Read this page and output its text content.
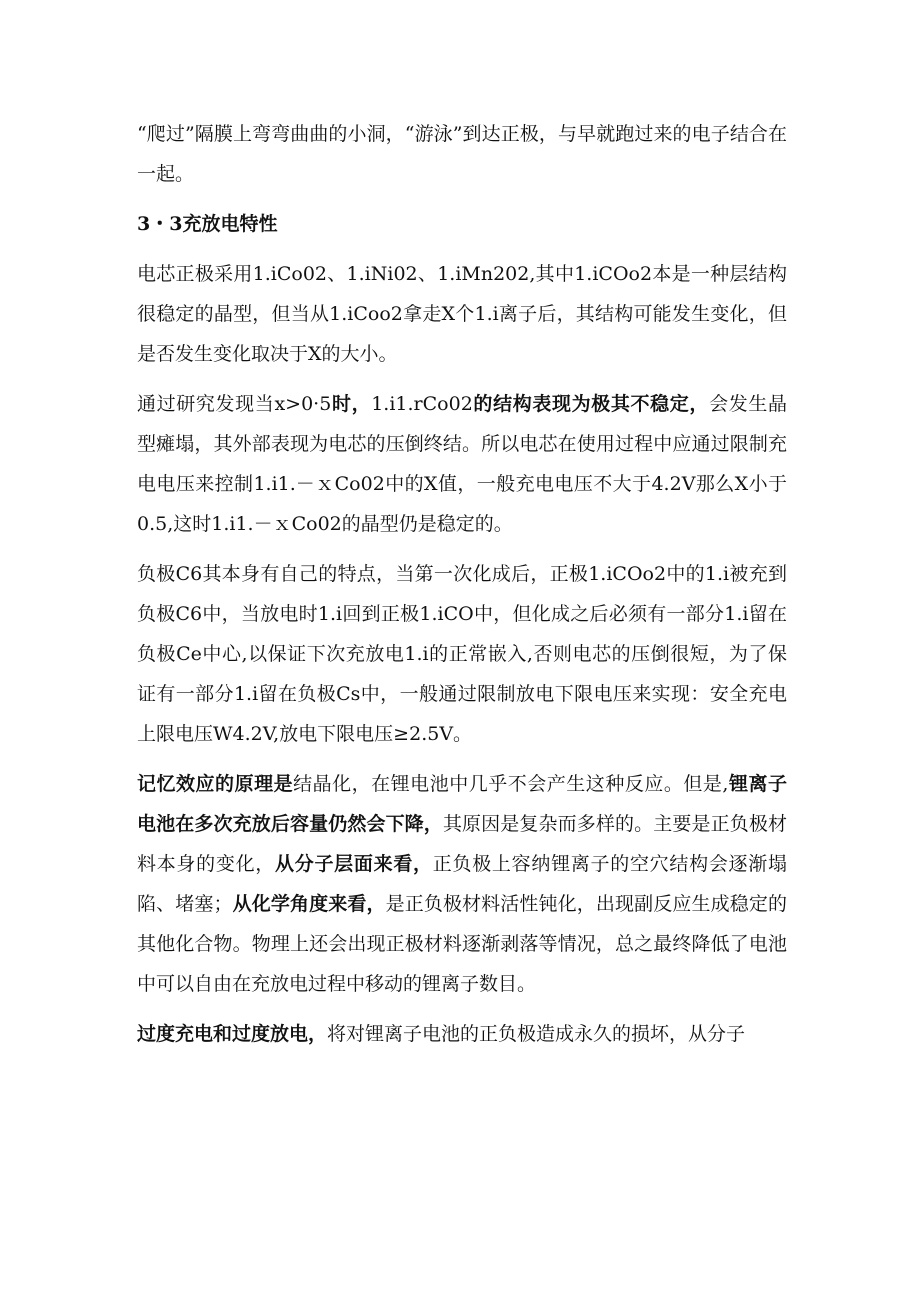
“爬过”隔膜上弯弯曲曲的小洞，“游泳”到达正极，与早就跑过来的电子结合在一起。

3・3充放电特性

电芯正极采用1.iCo02、1.iNi02、1.iMn202,其中1.iCOo2本是一种层结构很稳定的晶型，但当从1.iCoo2拿走X个1.i离子后，其结构可能发生变化，但是否发生变化取决于X的大小。

通过研究发现当x>0·5时，1.i1.rCo02的结构表现为极其不稳定，会发生晶型瘫塌，其外部表现为电芯的压倒终结。所以电芯在使用过程中应通过限制充电电压来控制1.i1.－ｘCo02中的X值，一般充电电压不大于4.2V那么X小于0.5,这时1.i1.－ｘCo02的晶型仍是稳定的。

负极C6其本身有自己的特点，当第一次化成后，正极1.iCOo2中的1.i被充到负极C6中，当放电时1.i回到正极1.iCO中，但化成之后必须有一部分1.i留在负极Ce中心,以保证下次充放电1.i的正常嵌入,否则电芯的压倒很短，为了保证有一部分1.i留在负极Cs中，一般通过限制放电下限电压来实现：安全充电上限电压W4.2V,放电下限电压≥2.5V。

记忆效应的原理是结晶化，在锂电池中几乎不会产生这种反应。但是,锂离子电池在多次充放后容量仍然会下降，其原因是复杂而多样的。主要是正负极材料本身的变化，从分子层面来看，正负极上容纳锂离子的空穴结构会逐渐塌陷、堵塞；从化学角度来看，是正负极材料活性钝化，出现副反应生成稳定的其他化合物。物理上还会出现正极材料逐渐剥落等情况，总之最终降低了电池中可以自由在充放电过程中移动的锂离子数目。

过度充电和过度放电，将对锂离子电池的正负极造成永久的损坏，从分子
